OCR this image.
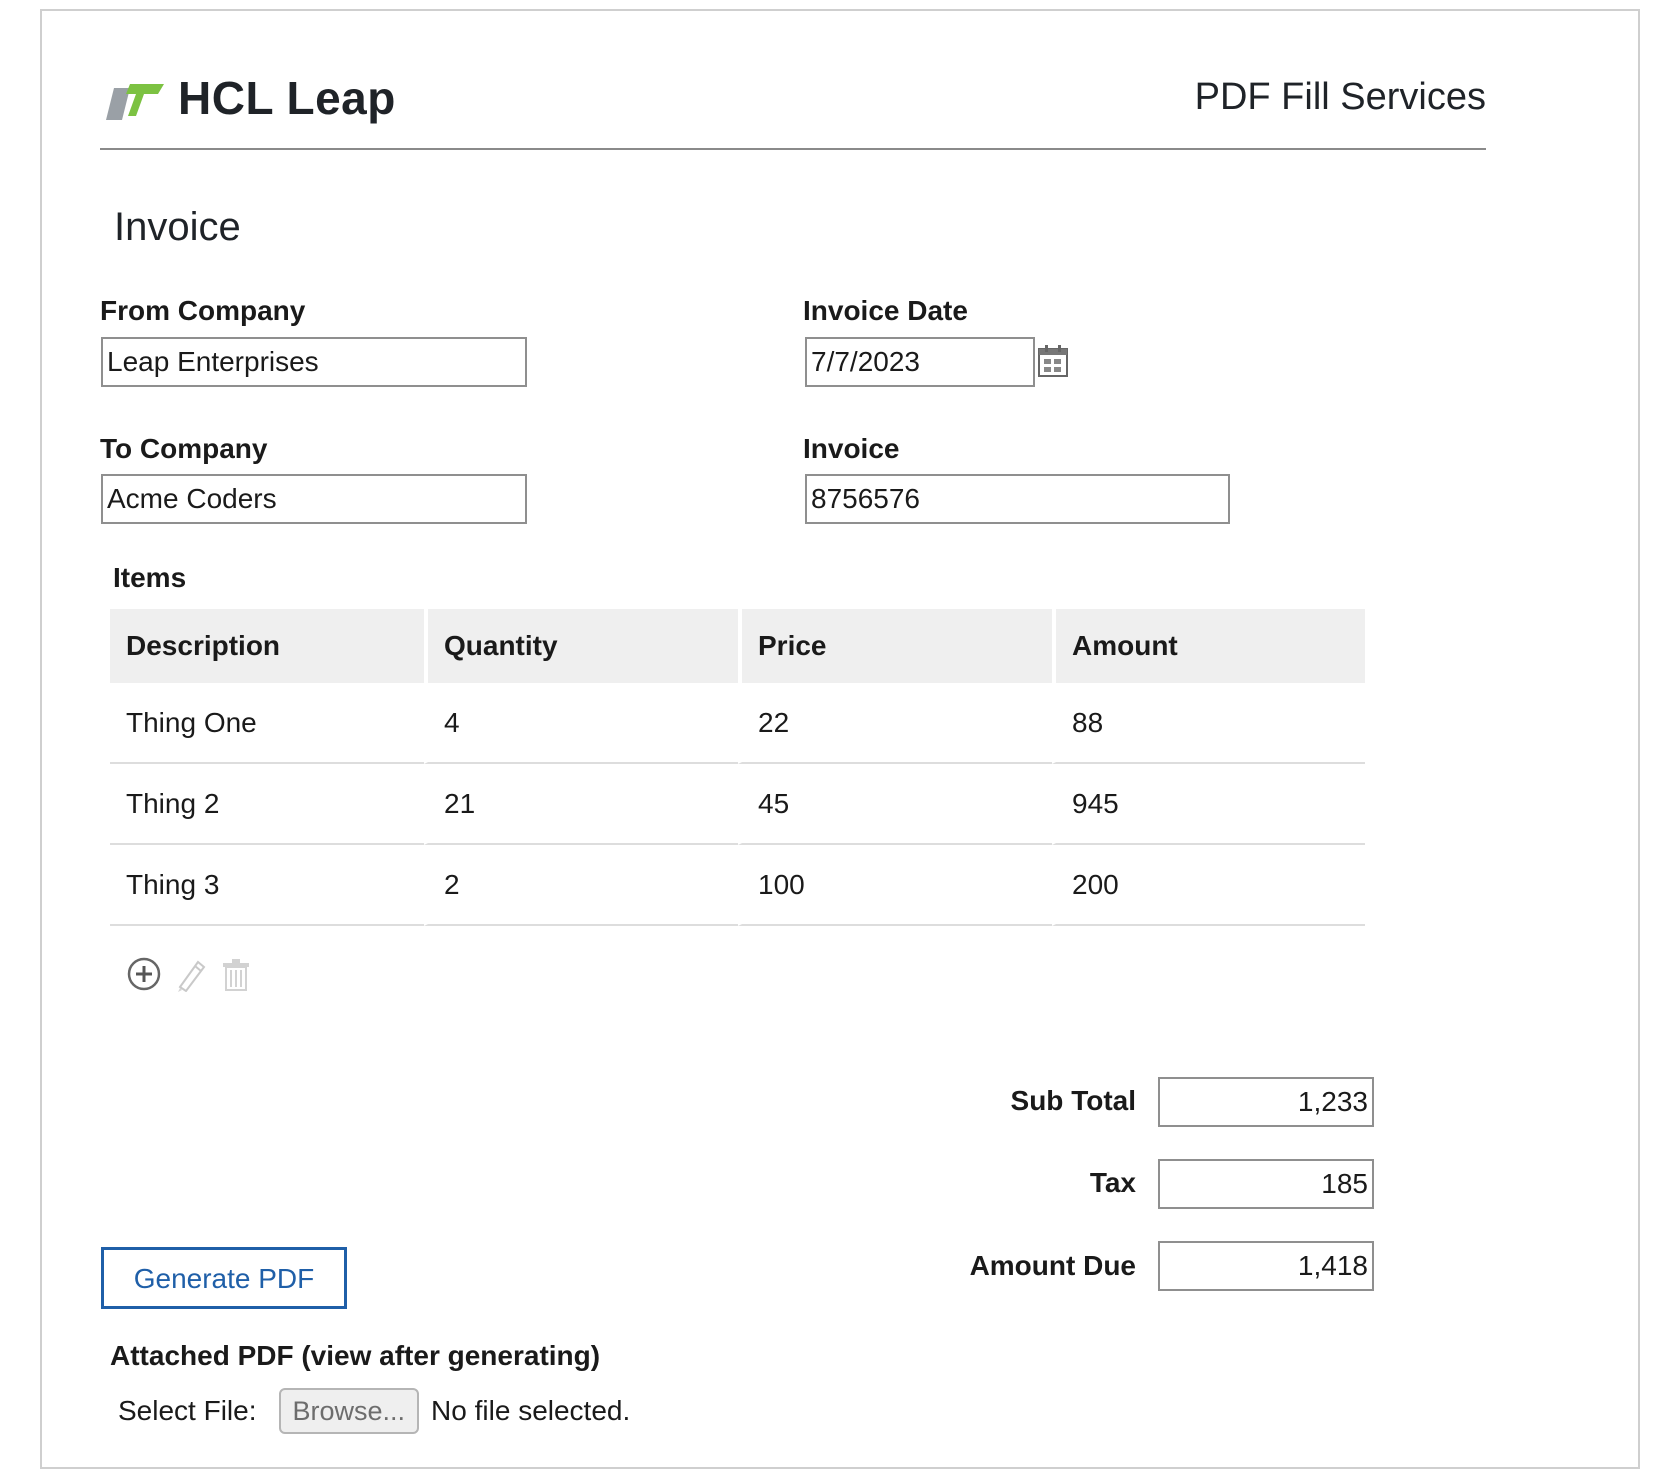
HCL Leap	PDF Fill Services
Invoice
From Company
Leap Enterprises
Invoice Date
7/7/2023
To Company
Acme Coders
Invoice
8756576
Items
Description	Quantity	Price	Amount
Thing One	4	22	88
Thing 2	21	45	945
Thing 3	2	100	200
Sub Total	1,233
Tax	185
Amount Due	1,418
Generate PDF
Attached PDF (view after generating)
Select File:	Browse... No file selected.
